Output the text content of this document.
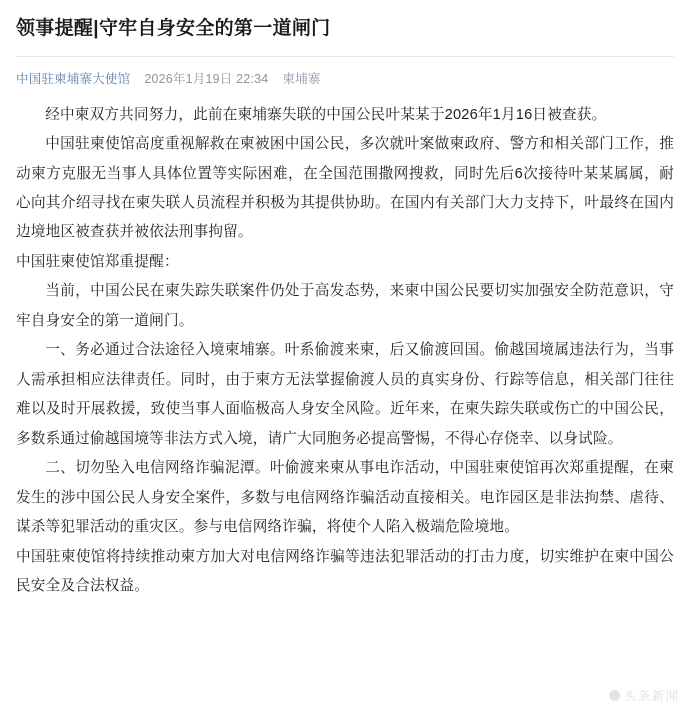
领事提醒|守牢自身安全的第一道闸门
中国驻柬埔寨大使馆 2026年1月19日 22:34 柬埔寨

经中柬双方共同努力，此前在柬埔寨失联的中国公民叶某某于2026年1月16日被查获。

中国驻柬使馆高度重视解救在柬被困中国公民，多次就叶案做柬政府、警方和相关部门工作，推动柬方克服无当事人具体位置等实际困难，在全国范围撒网搜救，同时先后6次接待叶某某属属，耐心向其介绍寻找在柬失联人员流程并积极为其提供协助。在国内有关部门大力支持下，叶最终在国内边境地区被查获并被依法刑事拘留。

中国驻柬使馆郑重提醒：

当前，中国公民在柬失踪失联案件仍处于高发态势，来柬中国公民要切实加强安全防范意识，守牢自身安全的第一道闸门。

一、务必通过合法途径入境柬埔寨。叶系偷渡来柬，后又偷渡回国。偷越国境属违法行为，当事人需承担相应法律责任。同时，由于柬方无法掌握偷渡人员的真实身份、行踪等信息，相关部门往往难以及时开展救援，致使当事人面临极高人身安全风险。近年来，在柬失踪失联或伤亡的中国公民，多数系通过偷越国境等非法方式入境，请广大同胞务必提高警惕，不得心存侥幸、以身试险。

二、切勿坠入电信网络诈骗泥潭。叶偷渡来柬从事电诈活动，中国驻柬使馆再次郑重提醒，在柬发生的涉中国公民人身安全案件，多数与电信网络诈骗活动直接相关。电诈园区是非法拘禁、虐待、谋杀等犯罪活动的重灾区。参与电信网络诈骗，将使个人陷入极端危险境地。

中国驻柬使馆将持续推动柬方加大对电信网络诈骗等违法犯罪活动的打击力度，切实维护在柬中国公民安全及合法权益。

头条新闻
